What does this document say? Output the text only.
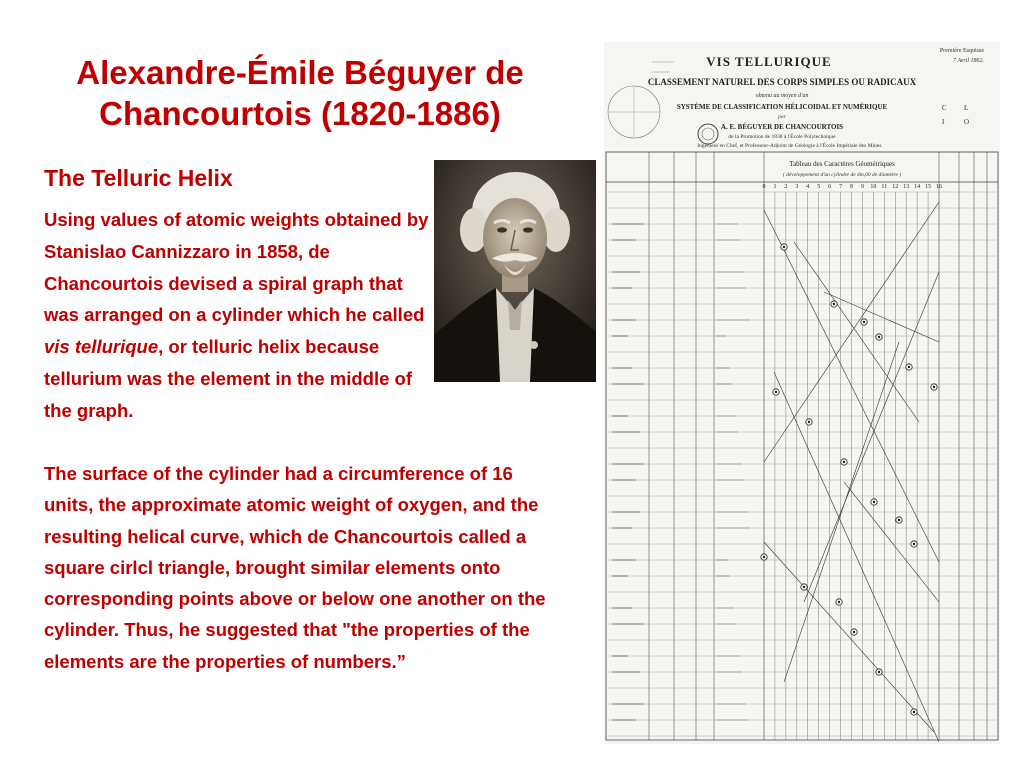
Alexandre-Émile Béguyer de
Chancourtois (1820-1886)
The Telluric Helix

Using values of atomic weights obtained by Stanislao Cannizzaro in 1858, de Chancourtois devised a spiral graph that was arranged on a cylinder which he called vis tellurique, or telluric helix because tellurium was the element in the middle of the graph.

The surface of the cylinder had a circumference of 16 units, the approximate atomic weight of oxygen, and the resulting helical curve, which de Chancourtois called a square cirlcl triangle, brought similar elements onto corresponding points above or below one another on the cylinder. Thus, he suggested that "the properties of the elements are the properties of numbers.”

VIS TELLURIQUE
CLASSEMENT NATUREL DES CORPS SIMPLES OU RADICAUX
obtenu au moyen d'un
SYSTÈME DE CLASSIFICATION HÉLICOIDAL ET NUMÉRIQUE
par
A. E. BÉGUYER DE CHANCOURTOIS
de la Promotion de 1838 à l'École Polytechnique
Ingénieur en Chef, et Professeur-Adjoint de Géologie à l'École Impériale des Mines.
Première Esquisse
7 Avril 1862.
C L
I	O
Tableau des Caractères Géométriques
( développement d'un cylindre de 4m,00 de diamètre )
0 1 2 3 4 5 6 7 8 9 10 11 12 13 14 15 16
